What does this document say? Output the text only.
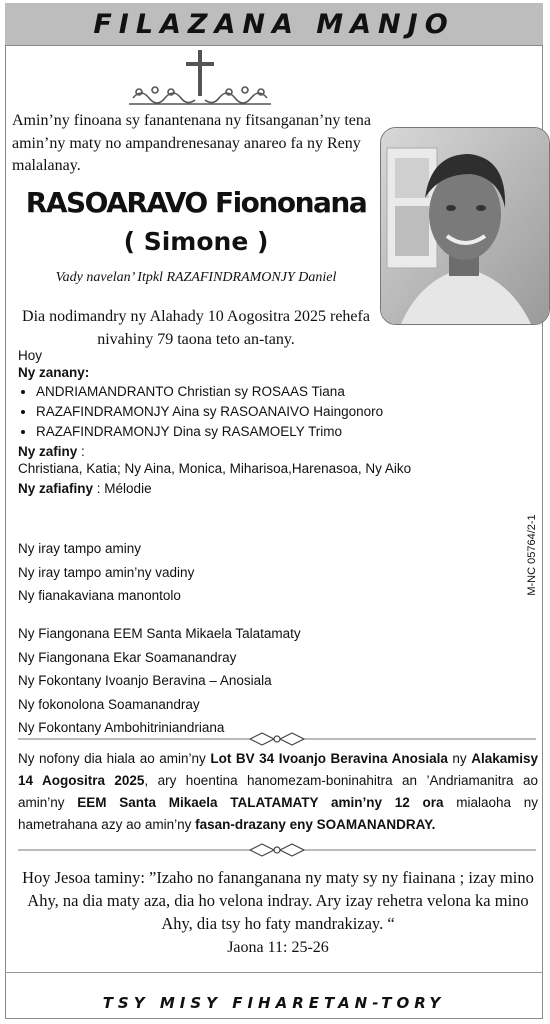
FILAZANA MANJO
Amin’ny finoana sy fanantenana ny fitsanganan’ny tena amin’ny maty no ampandrenesanay anareo fa ny Reny malalanay.
RASOARAVO Fiononana
( Simone )
Vady navelan’ Itpkl RAZAFINDRAMONJY Daniel
Dia nodimandry ny Alahady 10 Aogositra 2025 rehefa nivahiny 79 taona teto an-tany.

Hoy

Ny zanany:

• ANDRIAMANDRANTO Christian sy ROSAAS Tiana
• RAZAFINDRAMONJY Aina sy RASOANAIVO Haingonoro
• RAZAFINDRAMONJY Dina sy RASAMOELY Trimo

Ny zafiny :

Christiana, Katia; Ny Aina, Monica, Miharisoa,Harenasoa, Ny Aiko

Ny zafiafiny : Mélodie

Ny iray tampo aminy

Ny iray tampo amin’ny vadiny

Ny fianakaviana manontolo

Ny Fiangonana EEM Santa Mikaela Talatamaty

Ny Fiangonana Ekar Soamanandray

Ny Fokontany Ivoanjo Beravina – Anosiala

Ny fokonolona Soamanandray

Ny Fokontany Ambohitriniandriana

M-NC 05764/2-1
Ny nofony dia hiala ao amin’ny Lot BV 34 Ivoanjo Beravina Anosiala ny Alakamisy 14 Aogositra 2025, ary hoentina hanomezam-boninahitra an ’Andriamanitra ao amin’ny EEM Santa Mikaela TALATAMATY amin’ny 12 ora mialaoha ny hametrahana azy ao amin’ny fasan-drazany eny SOAMANANDRAY.
Hoy Jesoa taminy: ”Izaho no fananganana ny maty sy ny fiainana ; izay mino Ahy, na dia maty aza, dia ho velona indray. Ary izay rehetra velona ka mino Ahy, dia tsy ho faty mandrakizay. “
Jaona 11: 25-26
TSY MISY FIHARETAN-TORY
